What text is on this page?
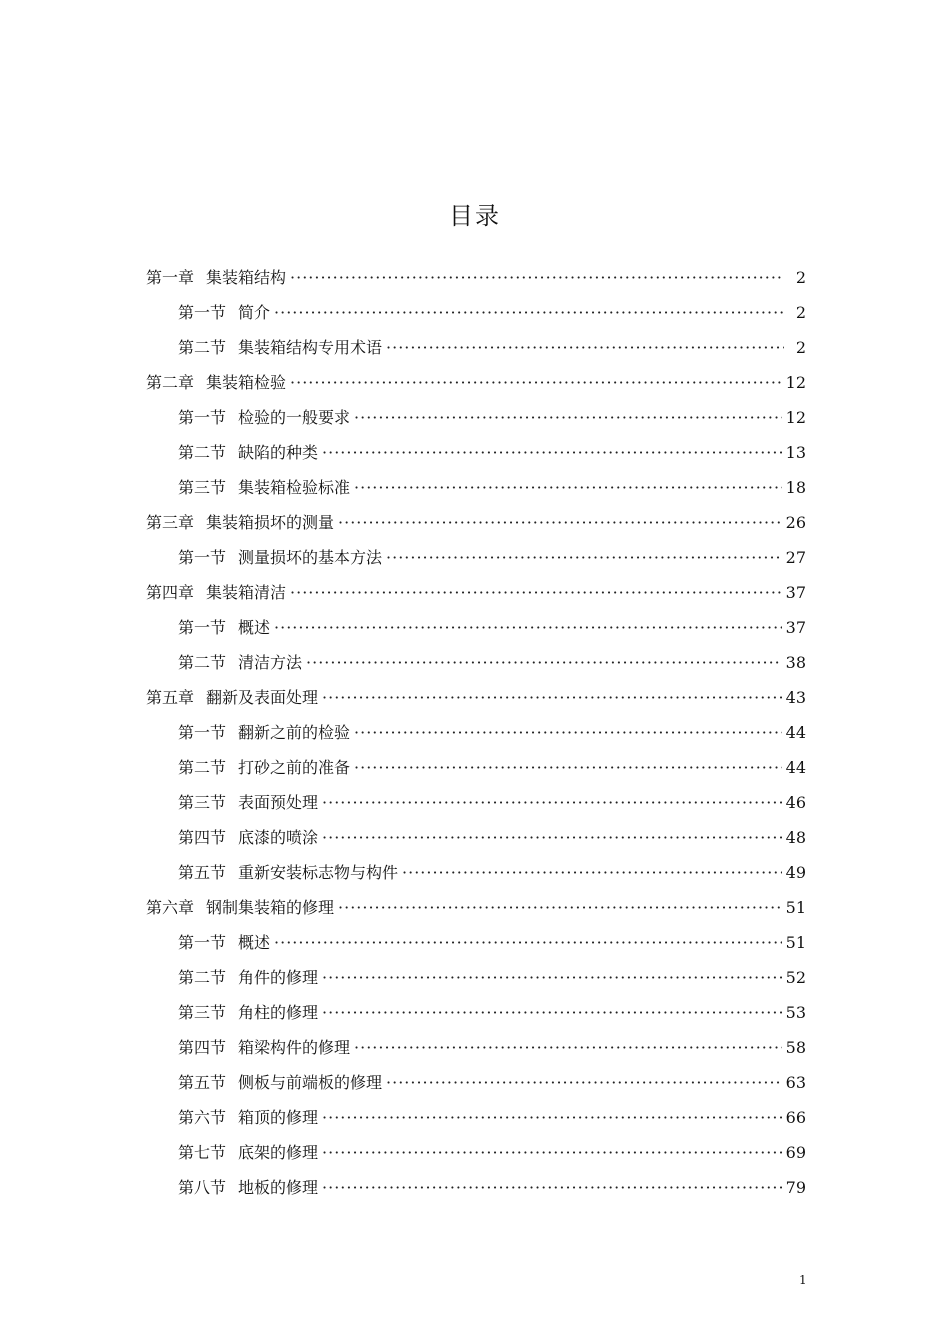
目录
第一章 集装箱结构 ·····	2
第一节 简介 ·····	2
第二节 集装箱结构专用术语 ·····	2
第二章 集装箱检验 ·····	12
第一节 检验的一般要求 ·····	12
第二节 缺陷的种类 ·····	13
第三节 集装箱检验标准 ·····	18
第三章 集装箱损坏的测量 ·····	26
第一节 测量损坏的基本方法 ·····	27
第四章 集装箱清洁 ·····	37
第一节 概述 ·····	37
第二节 清洁方法 ·····	38
第五章 翻新及表面处理 ·····	43
第一节 翻新之前的检验 ·····	44
第二节 打砂之前的准备 ·····	44
第三节 表面预处理 ·····	46
第四节 底漆的喷涂 ·····	48
第五节 重新安装标志物与构件 ·····	49
第六章 钢制集装箱的修理 ·····	51
第一节 概述 ·····	51
第二节 角件的修理 ·····	52
第三节 角柱的修理 ·····	53
第四节 箱梁构件的修理 ·····	58
第五节 侧板与前端板的修理 ·····	63
第六节 箱顶的修理 ·····	66
第七节 底架的修理 ·····	69
第八节 地板的修理 ·····	79
1
